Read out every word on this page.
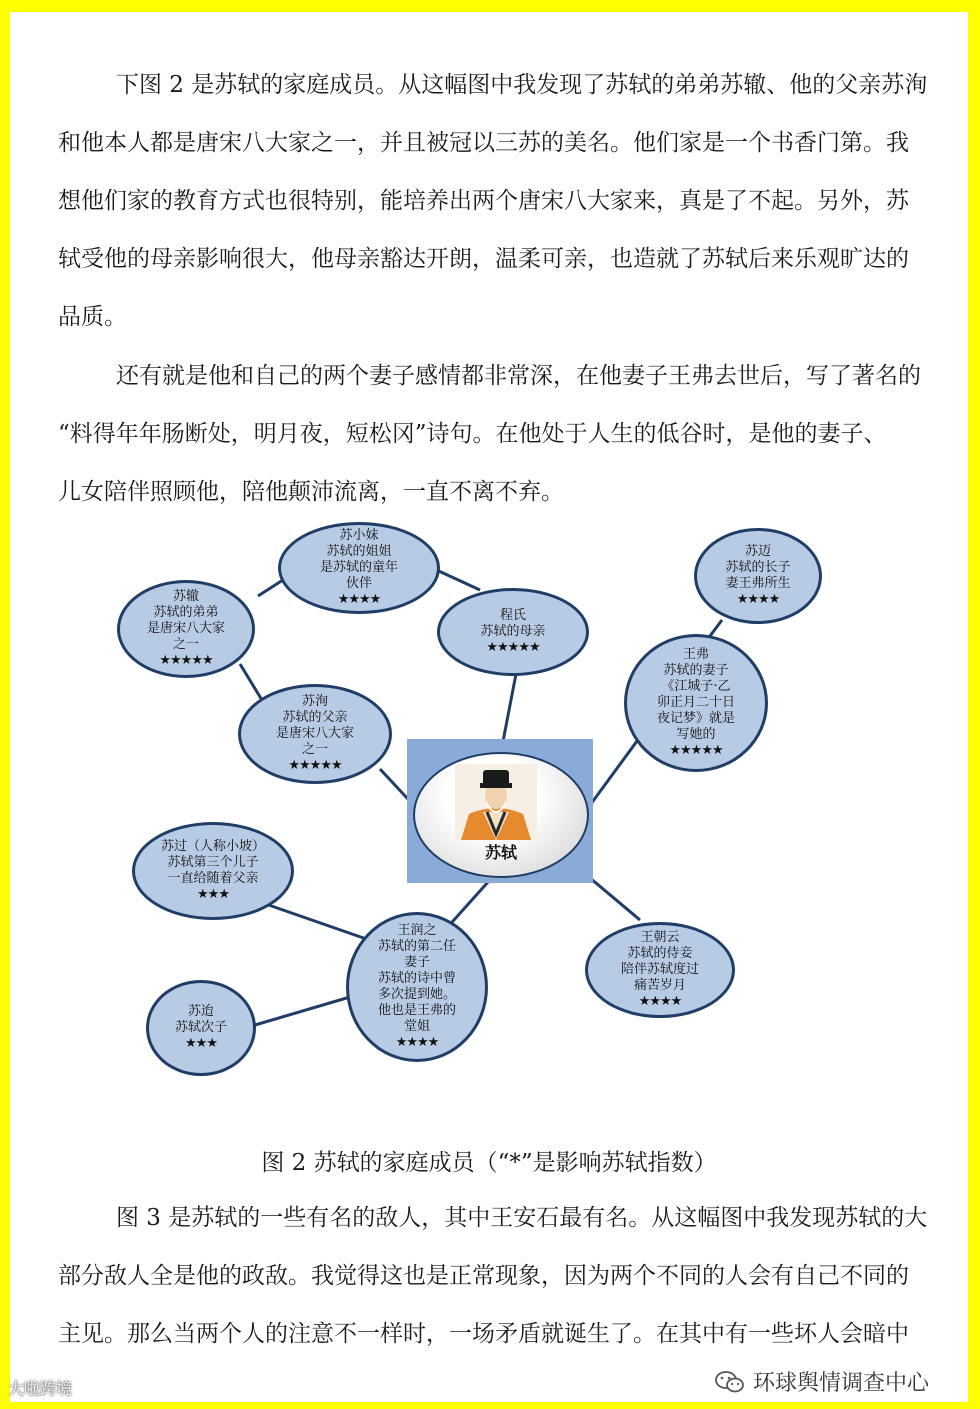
下图 2 是苏轼的家庭成员。从这幅图中我发现了苏轼的弟弟苏辙、他的父亲苏洵
和他本人都是唐宋八大家之一，并且被冠以三苏的美名。他们家是一个书香门第。我
想他们家的教育方式也很特别，能培养出两个唐宋八大家来，真是了不起。另外，苏
轼受他的母亲影响很大，他母亲豁达开朗，温柔可亲，也造就了苏轼后来乐观旷达的
品质。
还有就是他和自己的两个妻子感情都非常深，在他妻子王弗去世后，写了著名的
“料得年年肠断处，明月夜，短松冈”诗句。在他处于人生的低谷时，是他的妻子、
儿女陪伴照顾他，陪他颠沛流离，一直不离不弃。
苏辙
苏轼的弟弟
是唐宋八大家
之一
★★★★★
苏小妹
苏轼的姐姐
是苏轼的童年
伙伴
★★★★
程氏
苏轼的母亲
★★★★★
苏迈
苏轼的长子
妻王弗所生
★★★★
王弗
苏轼的妻子
《江城子·乙
卯正月二十日
夜记梦》就是
写她的
★★★★★
苏洵
苏轼的父亲
是唐宋八大家
之一
★★★★★
苏过（人称小坡）
苏轼第三个儿子
一直给随着父亲
★★★
王润之
苏轼的第二任
妻子
苏轼的诗中曾
多次提到她。
他也是王弗的
堂姐
★★★★
王朝云
苏轼的侍妾
陪伴苏轼度过
痛苦岁月
★★★★
苏迨
苏轼次子
★★★
苏轼
图 2 苏轼的家庭成员（“*”是影响苏轼指数）
图 3 是苏轼的一些有名的敌人，其中王安石最有名。从这幅图中我发现苏轼的大
部分敌人全是他的政敌。我觉得这也是正常现象，因为两个不同的人会有自己不同的
主见。那么当两个人的注意不一样时，一场矛盾就诞生了。在其中有一些坏人会暗中
环球舆情调查中心
大啦跨境
